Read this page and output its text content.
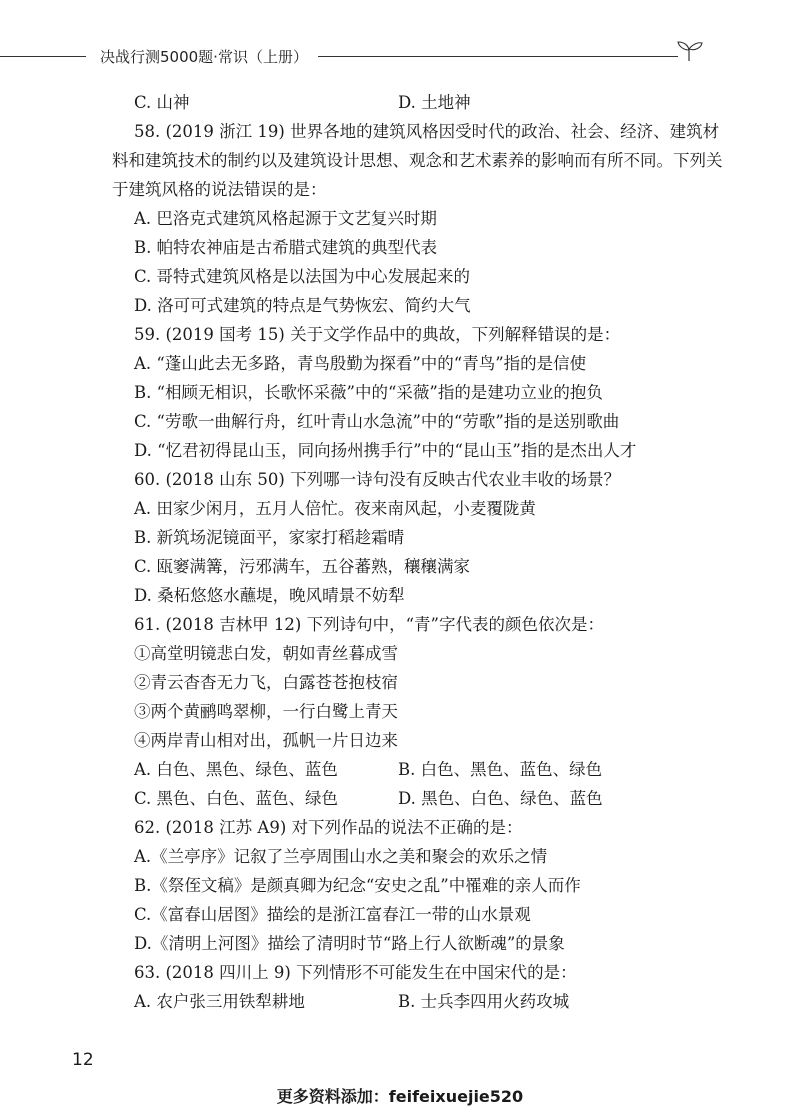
决战行测5000题·常识（上册）
C. 山神	D. 土地神
58. (2019 浙江 19) 世界各地的建筑风格因受时代的政治、社会、经济、建筑材
料和建筑技术的制约以及建筑设计思想、观念和艺术素养的影响而有所不同。下列关
于建筑风格的说法错误的是：
A. 巴洛克式建筑风格起源于文艺复兴时期
B. 帕特农神庙是古希腊式建筑的典型代表
C. 哥特式建筑风格是以法国为中心发展起来的
D. 洛可可式建筑的特点是气势恢宏、简约大气
59. (2019 国考 15) 关于文学作品中的典故，下列解释错误的是：
A. “蓬山此去无多路，青鸟殷勤为探看”中的“青鸟”指的是信使
B. “相顾无相识，长歌怀采薇”中的“采薇”指的是建功立业的抱负
C. “劳歌一曲解行舟，红叶青山水急流”中的“劳歌”指的是送别歌曲
D. “忆君初得昆山玉，同向扬州携手行”中的“昆山玉”指的是杰出人才
60. (2018 山东 50) 下列哪一诗句没有反映古代农业丰收的场景？
A. 田家少闲月，五月人倍忙。夜来南风起，小麦覆陇黄
B. 新筑场泥镜面平，家家打稻趁霜晴
C. 瓯窭满篝，污邪满车，五谷蕃熟，穰穰满家
D. 桑柘悠悠水蘸堤，晚风晴景不妨犁
61. (2018 吉林甲 12) 下列诗句中，“青”字代表的颜色依次是：
①高堂明镜悲白发，朝如青丝暮成雪
②青云杳杳无力飞，白露苍苍抱枝宿
③两个黄鹂鸣翠柳，一行白鹭上青天
④两岸青山相对出，孤帆一片日边来
A. 白色、黑色、绿色、蓝色	B. 白色、黑色、蓝色、绿色
C. 黑色、白色、蓝色、绿色	D. 黑色、白色、绿色、蓝色
62. (2018 江苏 A9) 对下列作品的说法不正确的是：
A.《兰亭序》记叙了兰亭周围山水之美和聚会的欢乐之情
B.《祭侄文稿》是颜真卿为纪念“安史之乱”中罹难的亲人而作
C.《富春山居图》描绘的是浙江富春江一带的山水景观
D.《清明上河图》描绘了清明时节“路上行人欲断魂”的景象
63. (2018 四川上 9) 下列情形不可能发生在中国宋代的是：
A. 农户张三用铁犁耕地	B. 士兵李四用火药攻城
12
更多资料添加：feifeixuejie520
